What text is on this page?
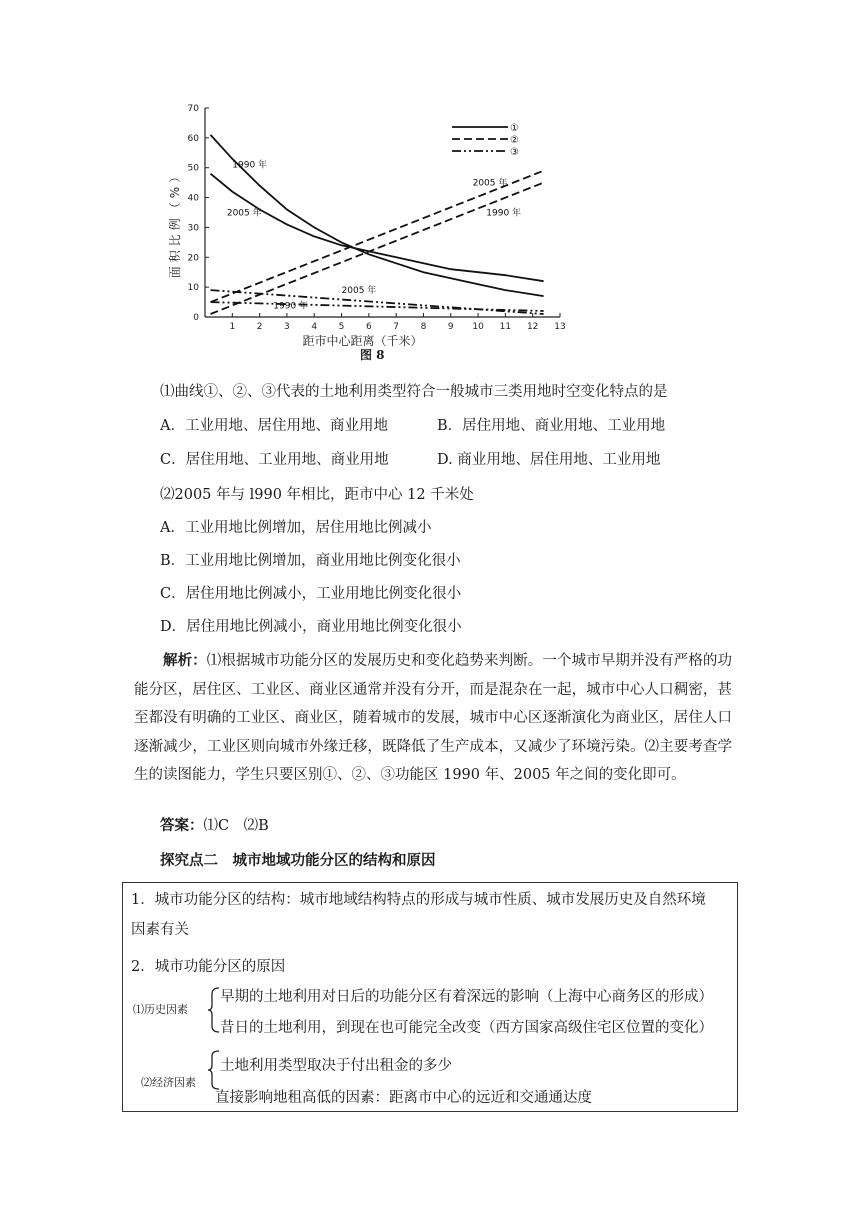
0
10
20
30
40
50
60
70
1 2 3 4 5 6 7 8 9 10 11 12 13
距市中心距离（千米）
面积比例（%）
1990 年
2005 年
2005 年
1990 年
2005 年
1990 年
①
②
③
图 8
⑴曲线①、②、③代表的土地利用类型符合一般城市三类用地时空变化特点的是
A．工业用地、居住用地、商业用地	B．居住用地、商业用地、工业用地
C．居住用地、工业用地、商业用地	D. 商业用地、居住用地、工业用地
⑵2005 年与 l990 年相比，距市中心 12 千米处
A．工业用地比例增加，居住用地比例减小
B．工业用地比例增加，商业用地比例变化很小
C．居住用地比例减小，工业用地比例变化很小
D．居住用地比例减小，商业用地比例变化很小
解析：⑴根据城市功能分区的发展历史和变化趋势来判断。一个城市早期并没有严格的功能分区，居住区、工业区、商业区通常并没有分开，而是混杂在一起，城市中心人口稠密，甚至都没有明确的工业区、商业区，随着城市的发展，城市中心区逐渐演化为商业区，居住人口逐渐减少，工业区则向城市外缘迁移，既降低了生产成本，又减少了环境污染。⑵主要考查学生的读图能力，学生只要区别①、②、③功能区 1990 年、2005 年之间的变化即可。
答案：⑴C　⑵B
探究点二　城市地域功能分区的结构和原因
1．城市功能分区的结构：城市地域结构特点的形成与城市性质、城市发展历史及自然环境
因素有关
2．城市功能分区的原因
⑴历史因素
早期的土地利用对日后的功能分区有着深远的影响（上海中心商务区的形成）
昔日的土地利用，到现在也可能完全改变（西方国家高级住宅区位置的变化）
⑵经济因素
土地利用类型取决于付出租金的多少
直接影响地租高低的因素：距离市中心的远近和交通通达度
